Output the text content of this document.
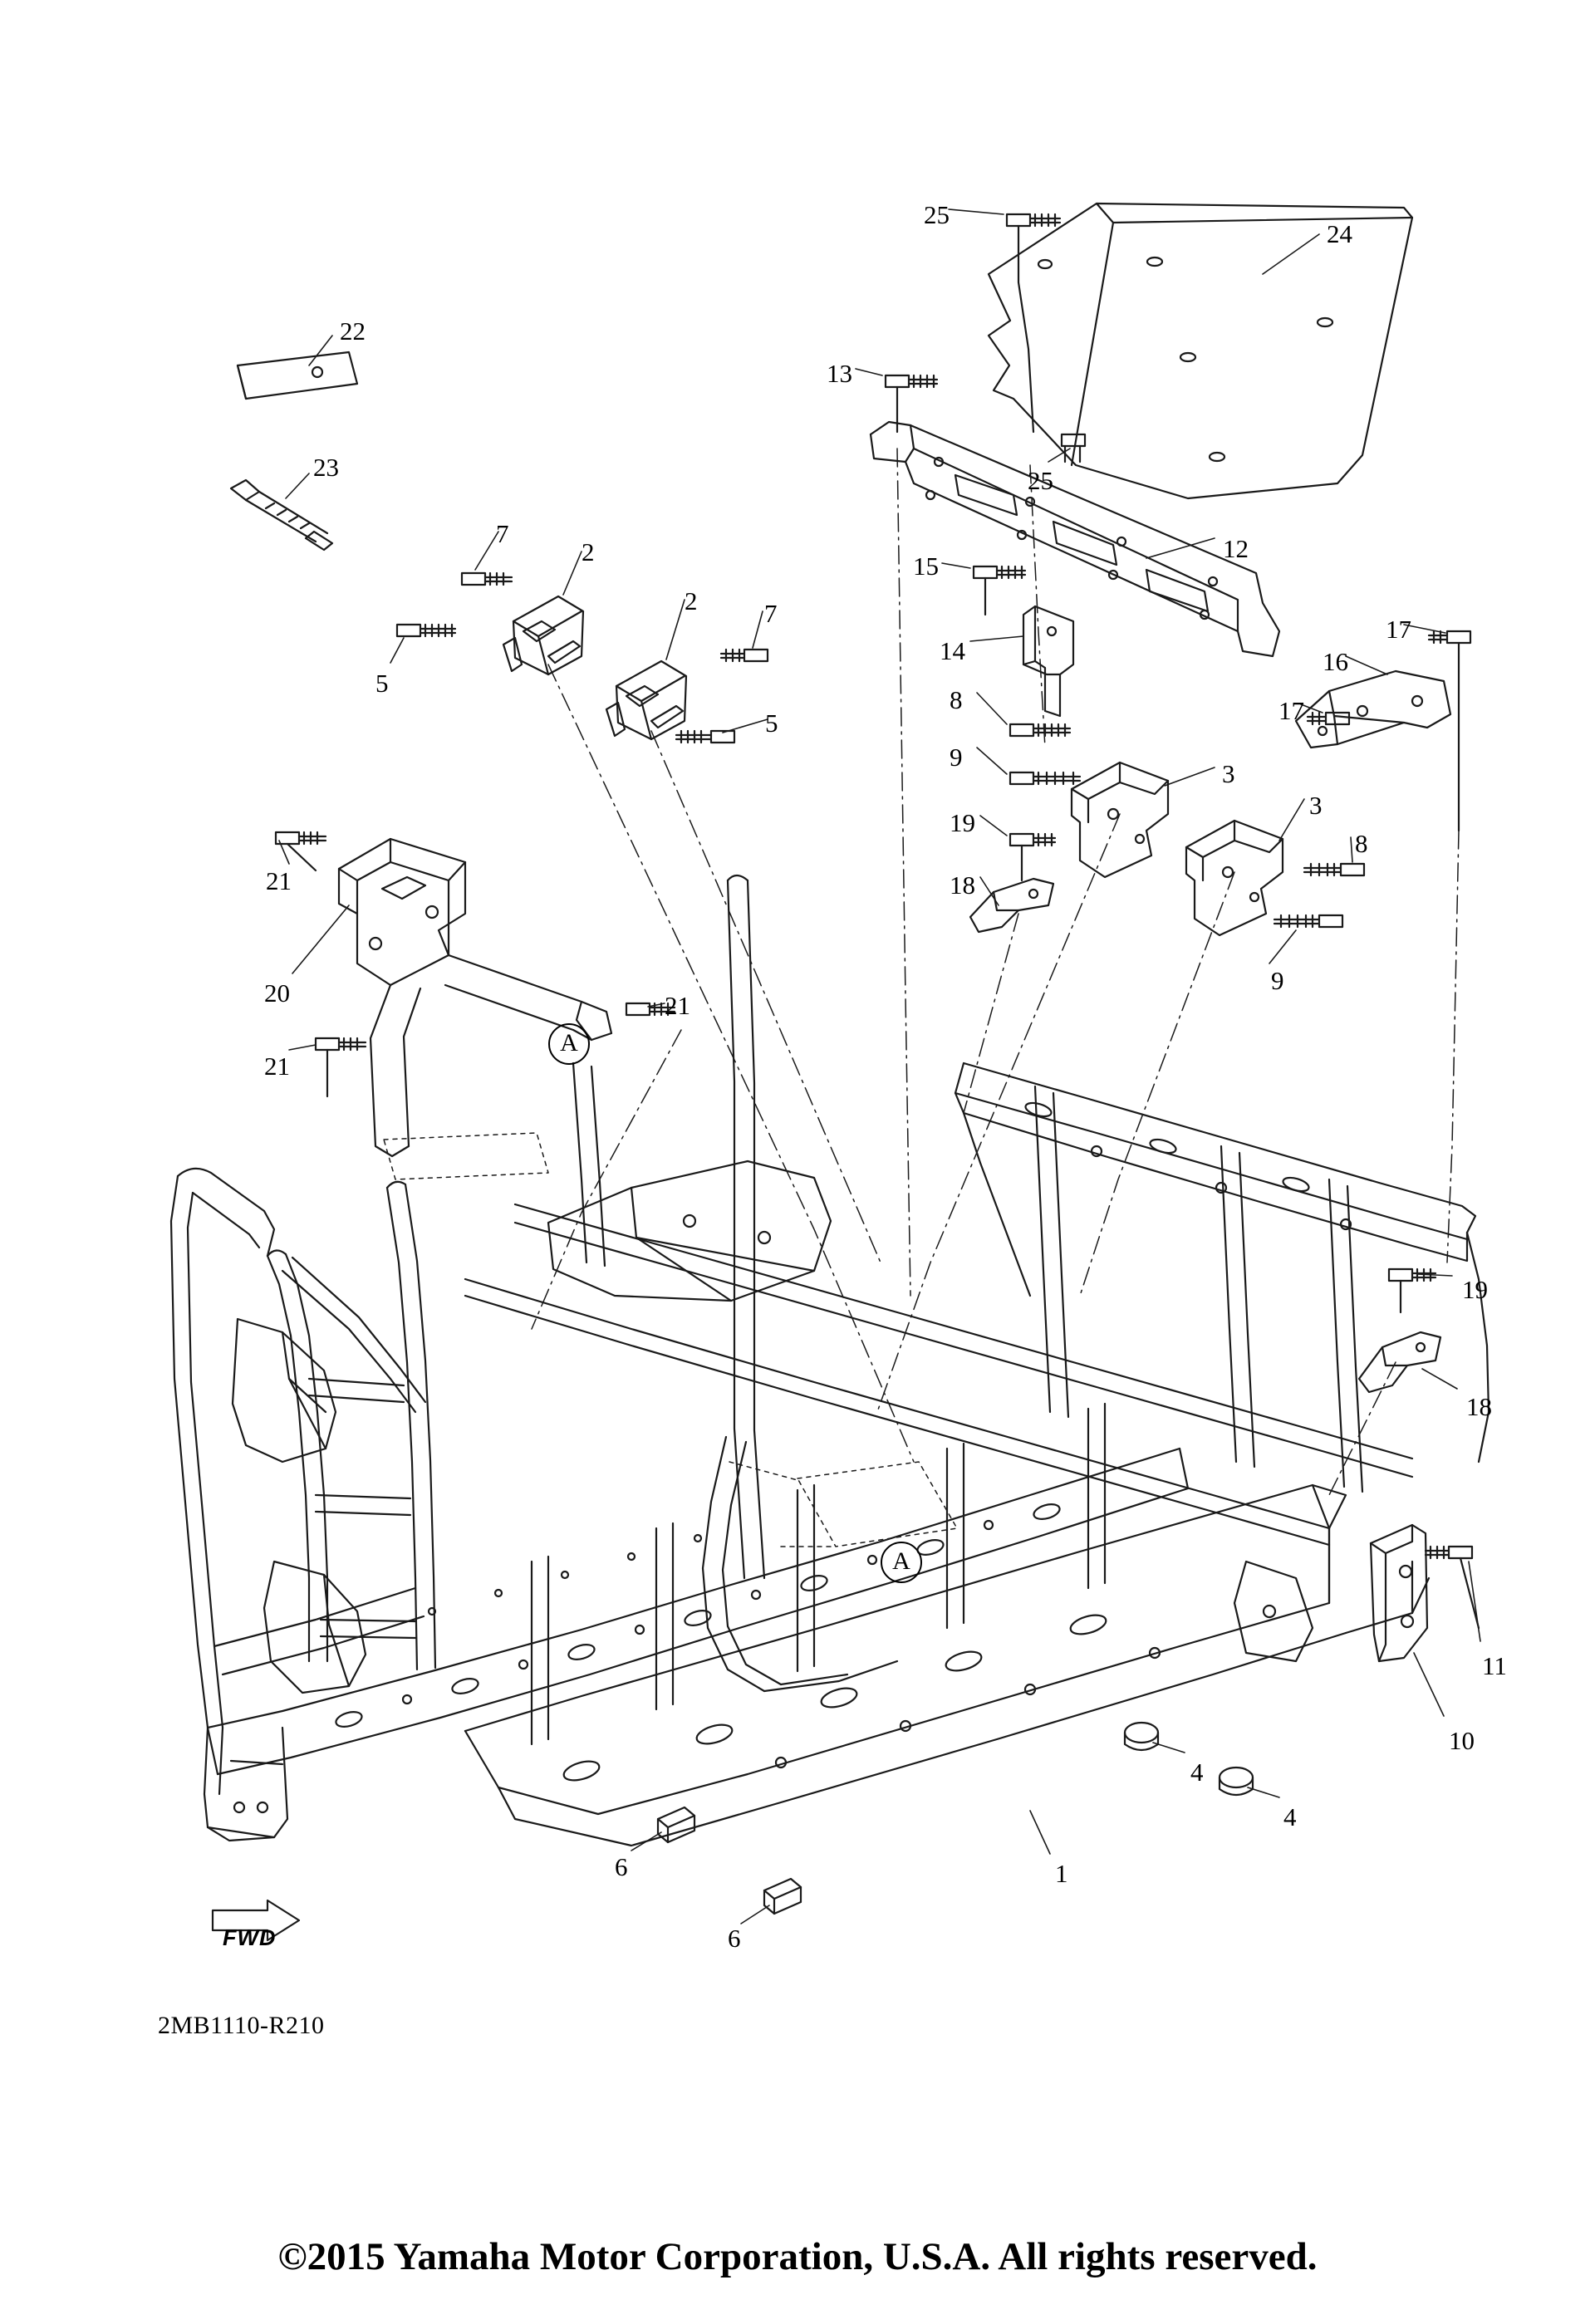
25
24
22
13
25
23
12
7
2	15
2	7
14
17
16
5
8	17
5
9
3
3
19
8
18
9
21
20	21
21
19
18
11
10
4
4
1
6
6
A
A
FWD
2MB1110-R210
©2015 Yamaha Motor Corporation, U.S.A. All rights reserved.
